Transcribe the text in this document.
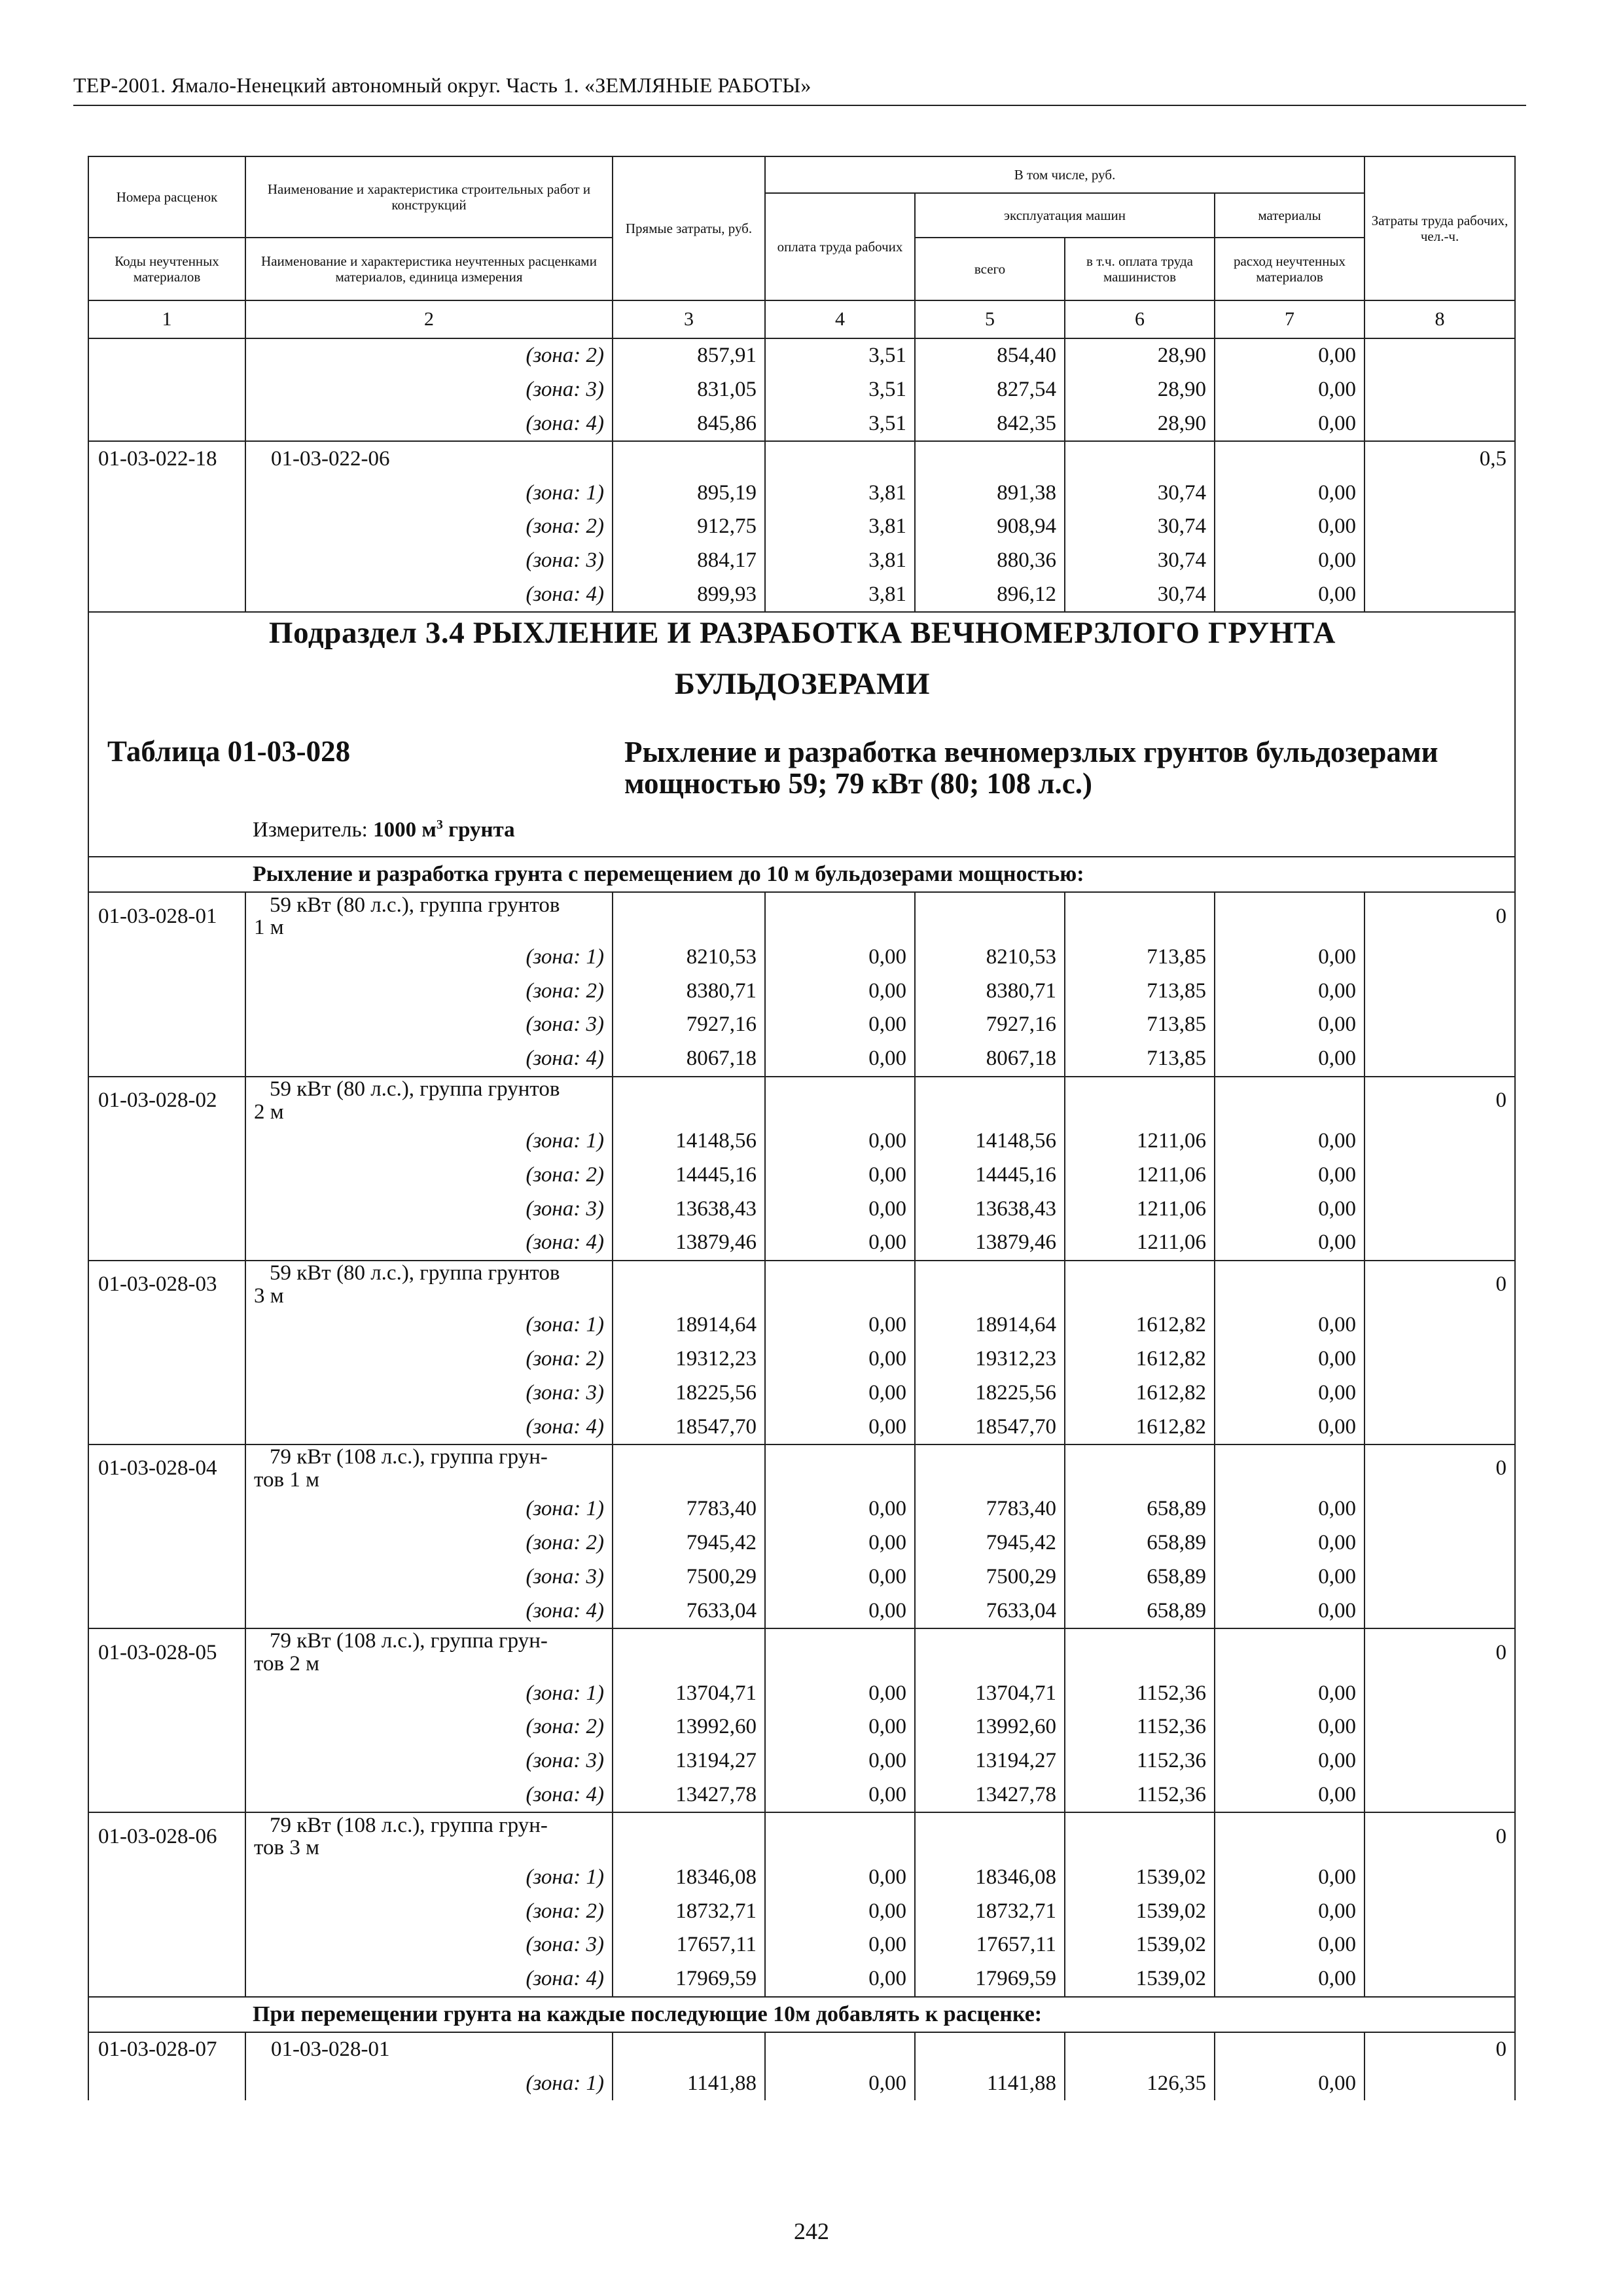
ТЕР-2001. Ямало-Ненецкий автономный округ. Часть 1. «ЗЕМЛЯНЫЕ РАБОТЫ»
Номера расценок	Наименование и характеристика строительных работ и конструкций	Прямые затраты, руб.	В том числе, руб.				Затраты труда рабочих, чел.-ч.
			оплата труда рабочих	эксплуатация машин		материалы	
Коды неучтенных материалов	Наименование и характеристика неучтенных расценками материалов, единица измерения			всего	в т.ч. оплата труда машинистов	расход неучтенных материалов	

1	2	3	4	5	6	7	8
	(зона: 2)	857,91	3,51	854,40	28,90	0,00	
	(зона: 3)	831,05	3,51	827,54	28,90	0,00	
	(зона: 4)	845,86	3,51	842,35	28,90	0,00	
01-03-022-18	01-03-022-06						0,5
	(зона: 1)	895,19	3,81	891,38	30,74	0,00	
	(зона: 2)	912,75	3,81	908,94	30,74	0,00	
	(зона: 3)	884,17	3,81	880,36	30,74	0,00	
	(зона: 4)	899,93	3,81	896,12	30,74	0,00	

Подраздел 3.4 РЫХЛЕНИЕ И РАЗРАБОТКА ВЕЧНОМЕРЗЛОГО ГРУНТА
БУЛЬДОЗЕРАМИ
Таблица 01-03-028 Рыхление и разработка вечномерзлых грунтов бульдозерами мощностью 59; 79 кВт (80; 108 л.с.)
Измеритель: 1000 $м^3$ грунта							

Рыхление и разработка грунта с перемещением до 10 м бульдозерами мощностью:							

01-03-028-01	59 кВт (80 л.с.), группа грунтов
1 м						0
	(зона: 1)	8210,53	0,00	8210,53	713,85	0,00	
	(зона: 2)	8380,71	0,00	8380,71	713,85	0,00	
	(зона: 3)	7927,16	0,00	7927,16	713,85	0,00	
	(зона: 4)	8067,18	0,00	8067,18	713,85	0,00	
01-03-028-02	59 кВт (80 л.с.), группа грунтов
2 м						0
	(зона: 1)	14148,56	0,00	14148,56	1211,06	0,00	
	(зона: 2)	14445,16	0,00	14445,16	1211,06	0,00	
	(зона: 3)	13638,43	0,00	13638,43	1211,06	0,00	
	(зона: 4)	13879,46	0,00	13879,46	1211,06	0,00	
01-03-028-03	59 кВт (80 л.с.), группа грунтов
3 м						0
	(зона: 1)	18914,64	0,00	18914,64	1612,82	0,00	
	(зона: 2)	19312,23	0,00	19312,23	1612,82	0,00	
	(зона: 3)	18225,56	0,00	18225,56	1612,82	0,00	
	(зона: 4)	18547,70	0,00	18547,70	1612,82	0,00	
01-03-028-04	79 кВт (108 л.с.), группа грун-
тов 1 м						0
	(зона: 1)	7783,40	0,00	7783,40	658,89	0,00	
	(зона: 2)	7945,42	0,00	7945,42	658,89	0,00	
	(зона: 3)	7500,29	0,00	7500,29	658,89	0,00	
	(зона: 4)	7633,04	0,00	7633,04	658,89	0,00	
01-03-028-05	79 кВт (108 л.с.), группа грун-
тов 2 м						0
	(зона: 1)	13704,71	0,00	13704,71	1152,36	0,00	
	(зона: 2)	13992,60	0,00	13992,60	1152,36	0,00	
	(зона: 3)	13194,27	0,00	13194,27	1152,36	0,00	
	(зона: 4)	13427,78	0,00	13427,78	1152,36	0,00	
01-03-028-06	79 кВт (108 л.с.), группа грун-
тов 3 м						0
	(зона: 1)	18346,08	0,00	18346,08	1539,02	0,00	
	(зона: 2)	18732,71	0,00	18732,71	1539,02	0,00	
	(зона: 3)	17657,11	0,00	17657,11	1539,02	0,00	
	(зона: 4)	17969,59	0,00	17969,59	1539,02	0,00	

При перемещении грунта на каждые последующие 10м добавлять к расценке:							

01-03-028-07	01-03-028-01						0
	(зона: 1)	1141,88	0,00	1141,88	126,35	0,00	
242
